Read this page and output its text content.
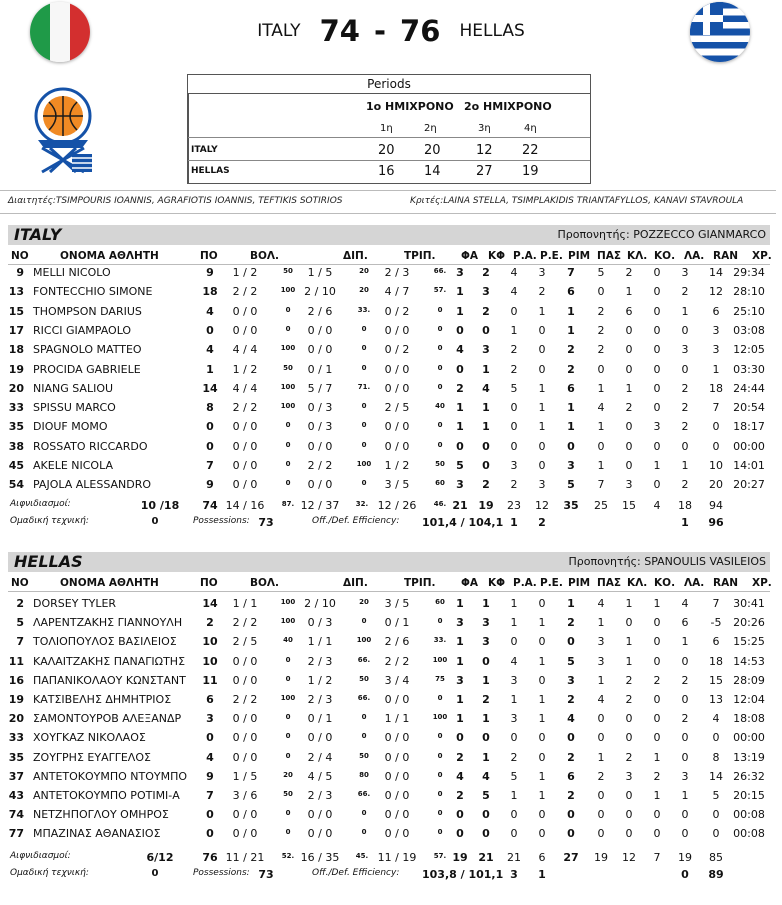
ITALY 74 - 76 HELLAS
Periods
1ο ΗΜΙΧΡΟΝΟ 2ο ΗΜΙΧΡΟΝΟ
1η	2η	3η	4η
ITALY	20 20	12 22
HELLAS	16 14	27 19
Διαιτητές:TSIMPOURIS IOANNIS, AGRAFIOTIS IOANNIS, TEFTIKIS SOTIRIOS	Κριτές:LAINA STELLA, TSIMPLAKIDIS TRIANTAFYLLOS, KANAVI STAVROULA
ITALY	Προπονητής: POZZECCO GIANMARCO
NO	ΟΝΟΜΑ ΑΘΛΗΤΗ	ΠΟ	ΒΟΛ.	ΔΙΠ.	ΤΡΙΠ. ΦΑ ΚΦ Ρ.Α. Ρ.Ε. ΡΙΜ ΠΑΣ ΚΛ. ΚΟ. ΛΑ. RAN ΧΡ.
9 MELLI NICOLO	9	1 / 2	50	1 / 5	20	2 / 3	66. 3	2	4	3	7	5	2	0	3	14 29:34
13 FONTECCHIO SIMONE	18	2 / 2	100 2 / 10	20	4 / 7	57. 1	3	4	2	6	0	1	0	2	12 28:10
15 THOMPSON DARIUS	4	0 / 0	0	2 / 6	33.	0 / 2	0	1	2	0	1	1	2	6	0	1	6	25:10
17 RICCI GIAMPAOLO	0	0 / 0	0	0 / 0	0	0 / 0	0	0	0	1	0	1	2	0	0	0	3	03:08
18 SPAGNOLO MATTEO	4	4 / 4	100	0 / 0	0	0 / 2	0	4	3	2	0	2	2	0	0	3	3	12:05
19 PROCIDA GABRIELE	1	1 / 2	50	0 / 1	0	0 / 0	0	0	1	2	0	2	0	0	0	0	1	03:30
20 NIANG SALIOU	14	4 / 4	100	5 / 7	71.	0 / 0	0	2	4	5	1	6	1	1	0	2	18 24:44
33 SPISSU MARCO	8	2 / 2	100	0 / 3	0	2 / 5	40	1	1	0	1	1	4	2	0	2	7	20:54
35 DIOUF MOMO	0	0 / 0	0	0 / 3	0	0 / 0	0	1	1	0	1	1	1	0	3	2	0	18:17
38 ROSSATO RICCARDO	0	0 / 0	0	0 / 0	0	0 / 0	0	0	0	0	0	0	0	0	0	0	0	00:00
45 AKELE NICOLA	7	0 / 0	0	2 / 2	100	1 / 2	50	5	0	3	0	3	1	0	1	1	10 14:01
54 PAJOLA ALESSANDRO	9	0 / 0	0	0 / 0	0	3 / 5	60	3	2	2	3	5	7	3	0	2	20 20:27
Αιφνιδιασμοί:	10 /18	74 14 / 16	87. 12 / 37	32. 12 / 26	46. 21 19	23	12	35	25	15	4	18	94
Ομαδική τεχνική:	0	Possessions: 73	Off./Def. Efficiency: 101,4 / 104,1 1	2	1	96
HELLAS	Προπονητής: SPANOULIS VASILEIOS
NO	ΟΝΟΜΑ ΑΘΛΗΤΗ	ΠΟ	ΒΟΛ.	ΔΙΠ.	ΤΡΙΠ. ΦΑ ΚΦ Ρ.Α. Ρ.Ε. ΡΙΜ ΠΑΣ ΚΛ. ΚΟ. ΛΑ. RAN ΧΡ.
2 DORSEY TYLER	14	1 / 1	100 2 / 10	20	3 / 5	60	1	1	1	0	1	4	1	1	4	7	30:41
5 ΛΑΡΕΝΤΖΑΚΗΣ ΓΙΑΝΝΟΥΛΗ	2	2 / 2	100	0 / 3	0	0 / 1	0	3	3	1	1	2	1	0	0	6	-5	20:26
7 ΤΟΛΙΟΠΟΥΛΟΣ ΒΑΣΙΛΕΙΟΣ	10	2 / 5	40	1 / 1	100	2 / 6	33. 1	3	0	0	0	3	1	0	1	6	15:25
11 ΚΑΛΑΙΤΖΑΚΗΣ ΠΑΝΑΓΙΩΤΗΣ	10	0 / 0	0	2 / 3	66.	2 / 2	100 1	0	4	1	5	3	1	0	0	18 14:53
16 ΠΑΠΑΝΙΚΟΛΑΟΥ ΚΩΝΣΤΑΝΤ	11	0 / 0	0	1 / 2	50	3 / 4	75	3	1	3	0	3	1	2	2	2	15 28:09
19 ΚΑΤΣΙΒΕΛΗΣ ΔΗΜΗΤΡΙΟΣ	6	2 / 2	100	2 / 3	66.	0 / 0	0	1	2	1	1	2	4	2	0	0	13 12:04
20 ΣΑΜΟΝΤΟΥΡΟΒ ΑΛΕΞΑΝΔΡ	3	0 / 0	0	0 / 1	0	1 / 1	100 1	1	3	1	4	0	0	0	2	4	18:08
33 ΧΟΥΓΚΑΖ ΝΙΚΟΛΑΟΣ	0	0 / 0	0	0 / 0	0	0 / 0	0	0	0	0	0	0	0	0	0	0	0	00:00
35 ΖΟΥΓΡΗΣ ΕΥΑΓΓΕΛΟΣ	4	0 / 0	0	2 / 4	50	0 / 0	0	2	1	2	0	2	1	2	1	0	8	13:19
37 ΑΝΤΕΤΟΚΟΥΜΠΟ ΝΤΟΥΜΠΟ	9	1 / 5	20	4 / 5	80	0 / 0	0	4	4	5	1	6	2	3	2	3	14 26:32
43 ΑΝΤΕΤΟΚΟΥΜΠΟ ΡΟΤΙΜΙ-Α	7	3 / 6	50	2 / 3	66.	0 / 0	0	2	5	1	1	2	0	0	1	1	5	20:15
74 ΝΕΤΖΗΠΟΓΛΟΥ ΟΜΗΡΟΣ	0	0 / 0	0	0 / 0	0	0 / 0	0	0	0	0	0	0	0	0	0	0	0	00:08
77 ΜΠΑΖΙΝΑΣ ΑΘΑΝΑΣΙΟΣ	0	0 / 0	0	0 / 0	0	0 / 0	0	0	0	0	0	0	0	0	0	0	0	00:08
Αιφνιδιασμοί:	6/12	76 11 / 21	52. 16 / 35	45. 11 / 19	57. 19 21	21	6	27	19	12	7	19	85
Ομαδική τεχνική:	0	Possessions: 73	Off./Def. Efficiency: 103,8 / 101,1 3	1	0	89
